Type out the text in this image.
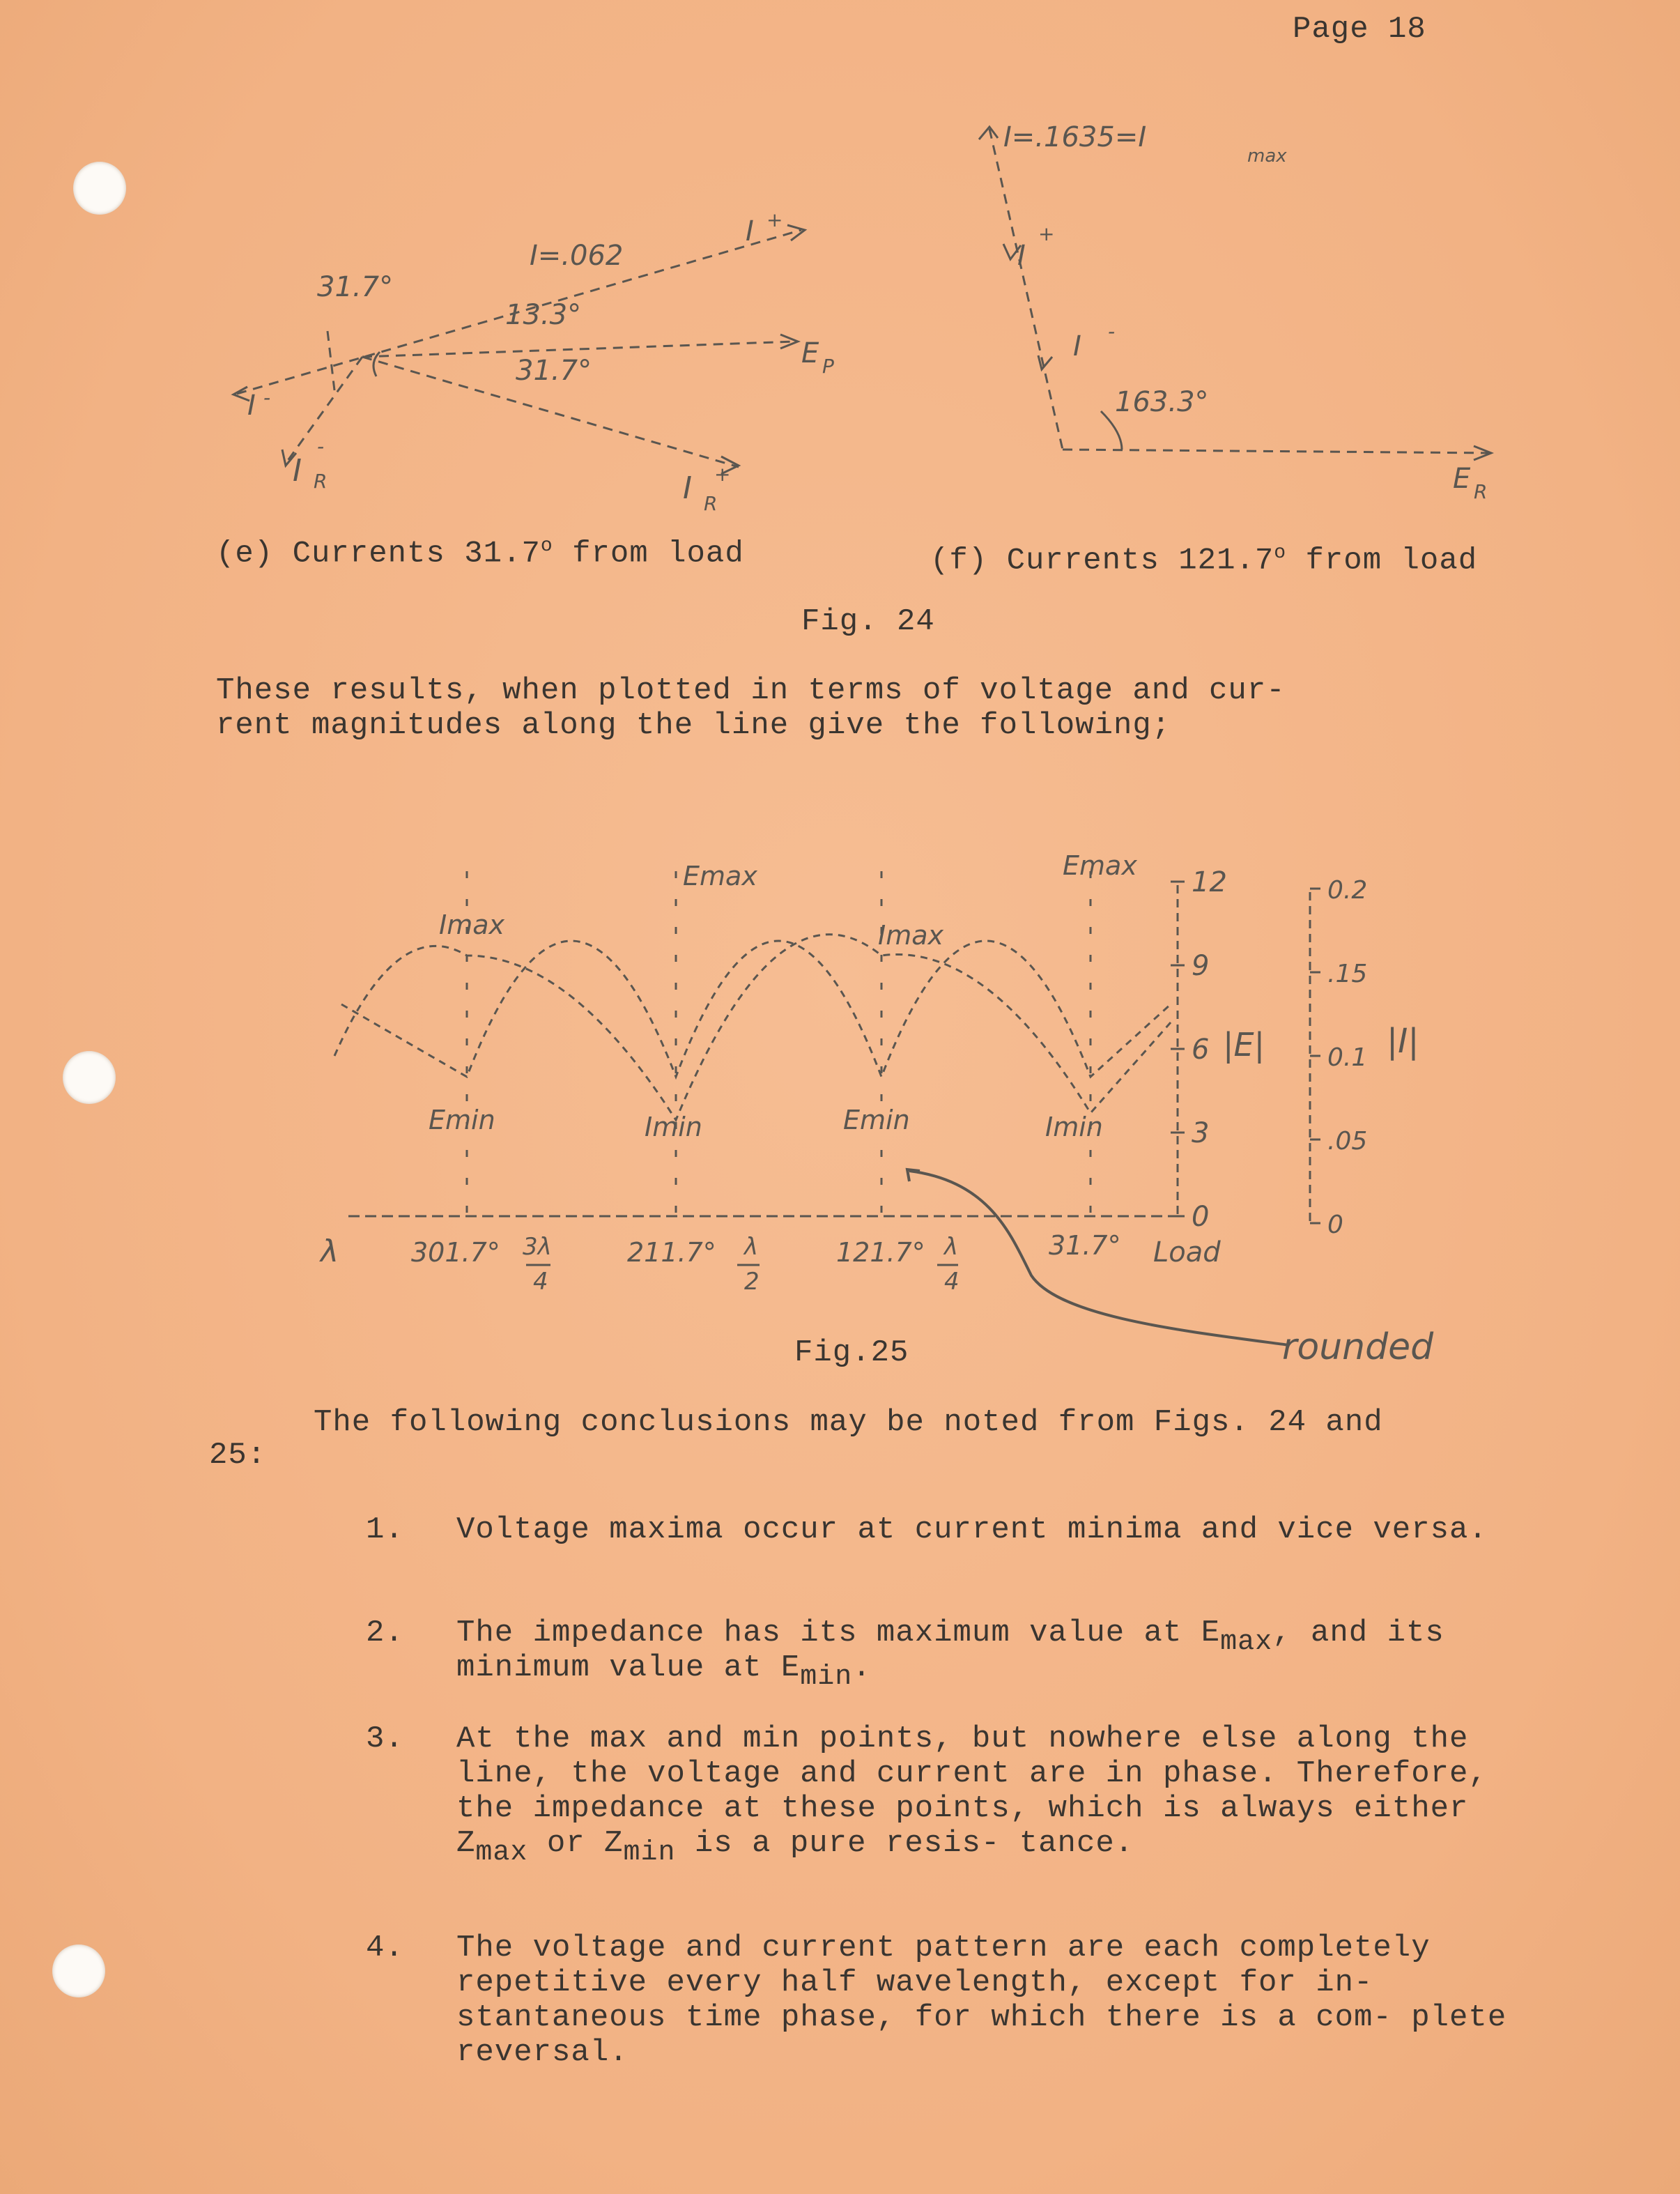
Page 18
I=.062
I +
31.7°
13.3°
31.7°
E P
I -
I R
-
I R
+
I=.1635=I
max
I
+
I -
163.3°
E R
(e) Currents 31.7$^o$ from load	(f) Currents 121.7$^o$ from load
Fig. 24
These results, when plotted in terms of voltage and cur-
rent magnitudes along the line give the following;
12
9
6
3
0
|E|
0.2
.15
0.1
.05
0
|I|
Emax	Emax
Imax	Imax
Emin	Imin	Emin	Imin
λ	301.7° 3λ
4
211.7° λ
2
121.7° λ
4
31.7° Load
rounded
Fig.25
The following conclusions may be noted from Figs. 24 and
25:
1. Voltage maxima occur at current minima and vice versa.
2. The impedance has its maximum value at $E_{max}$, and its minimum value at $E_{min}$.
3. At the max and min points, but nowhere else along the line, the voltage and current are in phase. Therefore, the impedance at these points, which is always either $Z_{max}$ or $Z_{min}$ is a pure resis- tance.
4. The voltage and current pattern are each completely repetitive every half wavelength, except for in- stantaneous time phase, for which there is a com- plete reversal.
